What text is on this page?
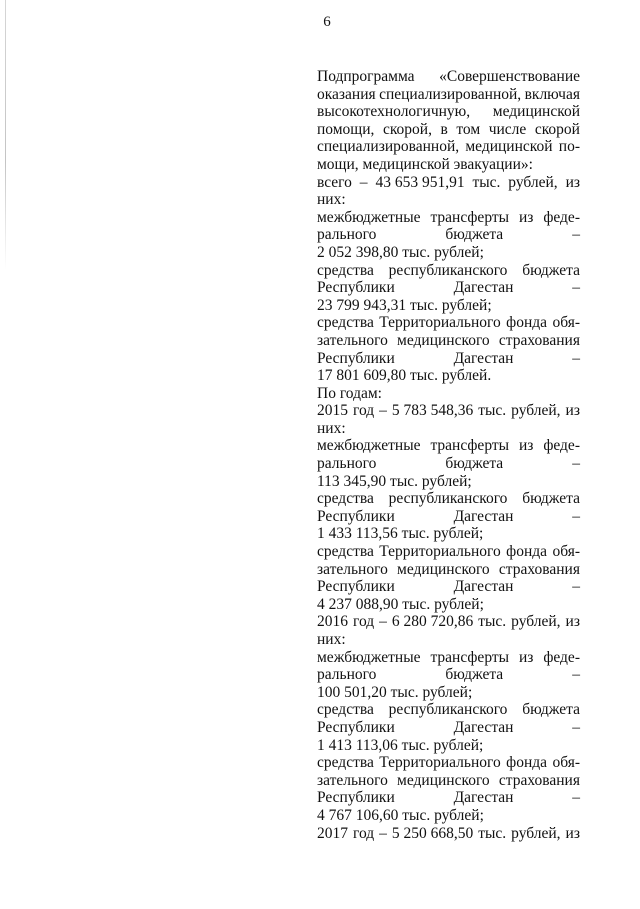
6
Подпрограмма «Совершенствование
оказания специализированной, включая
высокотехнологичную, медицинской
помощи, скорой, в том числе скорой
специализированной, медицинской по-
мощи, медицинской эвакуации»:
всего – 43 653 951,91 тыс. рублей, из
них:
межбюджетные трансферты из феде-
рального	бюджета	–
2 052 398,80 тыс. рублей;
средства республиканского бюджета
Республики	Дагестан	–
23 799 943,31 тыс. рублей;
средства Территориального фонда обя-
зательного медицинского страхования
Республики	Дагестан	–
17 801 609,80 тыс. рублей.
По годам:
2015 год – 5 783 548,36 тыс. рублей, из
них:
межбюджетные трансферты из феде-
рального	бюджета	–
113 345,90 тыс. рублей;
средства республиканского бюджета
Республики	Дагестан	–
1 433 113,56 тыс. рублей;
средства Территориального фонда обя-
зательного медицинского страхования
Республики	Дагестан	–
4 237 088,90 тыс. рублей;
2016 год – 6 280 720,86 тыс. рублей, из
них:
межбюджетные трансферты из феде-
рального	бюджета	–
100 501,20 тыс. рублей;
средства республиканского бюджета
Республики	Дагестан	–
1 413 113,06 тыс. рублей;
средства Территориального фонда обя-
зательного медицинского страхования
Республики	Дагестан	–
4 767 106,60 тыс. рублей;
2017 год – 5 250 668,50 тыс. рублей, из
